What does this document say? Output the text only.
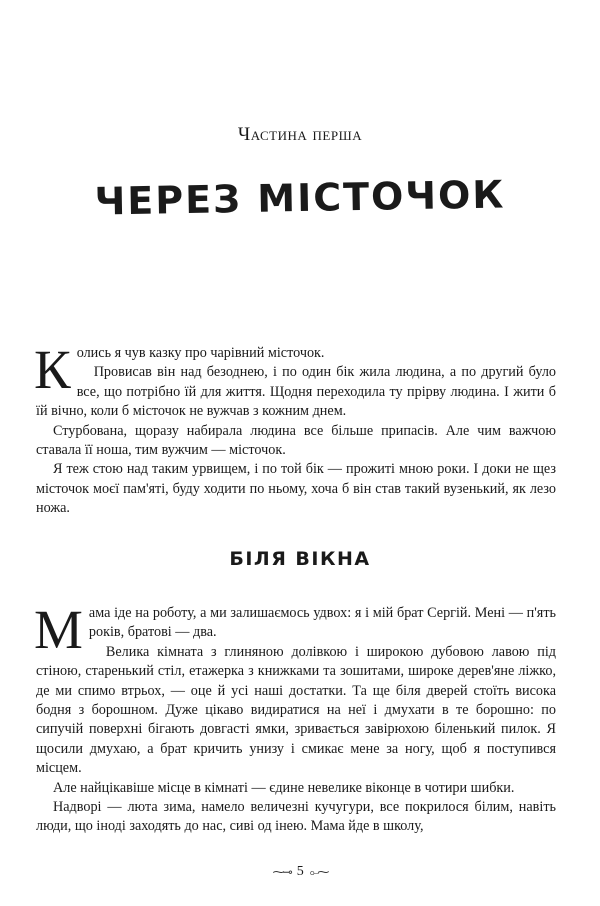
Частина перша
ЧЕРЕЗ МІСТОЧОК

Колись я чув казку про чарівний місточок.

Провисав він над безоднею, і по один бік жила людина, а по другий було все, що потрібно їй для життя. Щодня переходила ту прірву людина. І жити б їй вічно, коли б місточок не вужчав з кожним днем.

Стурбована, щоразу набирала людина все більше припасів. Але чим важчою ставала її ноша, тим вужчим — місточок.

Я теж стою над таким урвищем, і по той бік — прожиті мною роки. І доки не щез місточок моєї пам'яті, буду ходити по ньому, хоча б він став такий вузенький, як лезо ножа.

БІЛЯ ВІКНА

Мама іде на роботу, а ми залишаємось удвох: я і мій брат Сергій. Мені — п'ять років, братові — два.

Велика кімната з глиняною долівкою і широкою дубовою лавою під стіною, старенький стіл, етажерка з книжками та зошитами, широке дерев'яне ліжко, де ми спимо втрьох, — оце й усі наші достатки. Та ще біля дверей стоїть висока бодня з борошном. Дуже цікаво видиратися на неї і дмухати в те борошно: по сипучій поверхні бігають довгасті ямки, зривається завірюхою біленький пилок. Я щосили дмухаю, а брат кричить унизу і смикає мене за ногу, щоб я поступився місцем.

Але найцікавіше місце в кімнаті — єдине невелике віконце в чотири шибки.

Надворі — люта зима, намело величезні кучугури, все покрилося білим, навіть люди, що іноді заходять до нас, сиві од інею. Мама йде в школу,

⁓⊸ 5 ⟜⁓
